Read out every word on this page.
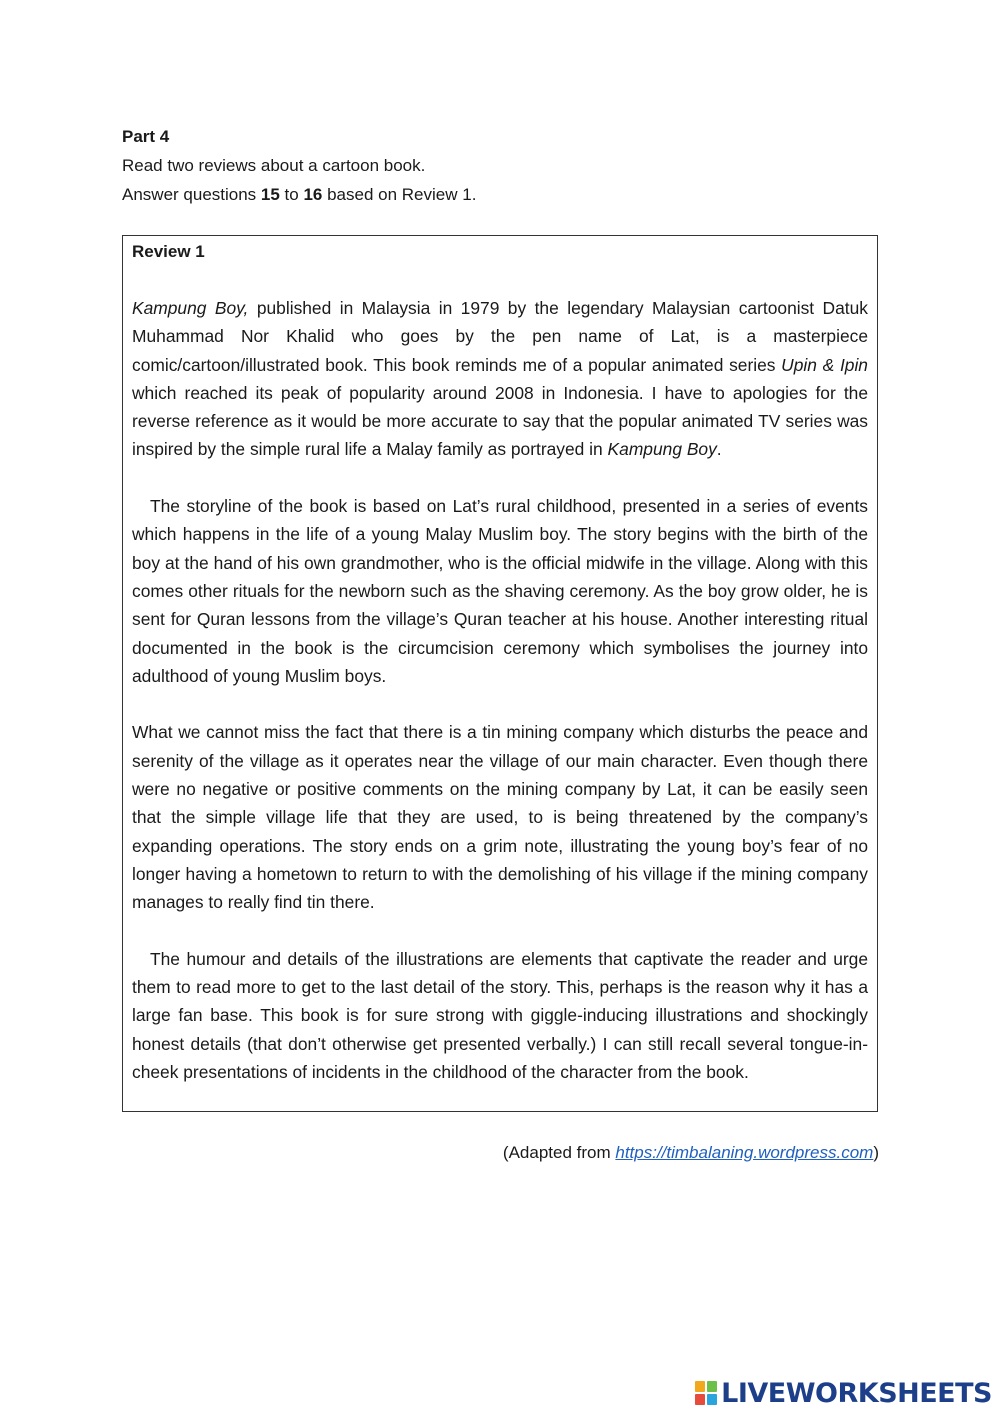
Part 4
Read two reviews about a cartoon book.
Answer questions 15 to 16 based on Review 1.
Review 1

Kampung Boy, published in Malaysia in 1979 by the legendary Malaysian cartoonist Datuk Muhammad Nor Khalid who goes by the pen name of Lat, is a masterpiece comic/cartoon/illustrated book. This book reminds me of a popular animated series Upin & Ipin which reached its peak of popularity around 2008 in Indonesia. I have to apologies for the reverse reference as it would be more accurate to say that the popular animated TV series was inspired by the simple rural life a Malay family as portrayed in Kampung Boy.

The storyline of the book is based on Lat’s rural childhood, presented in a series of events which happens in the life of a young Malay Muslim boy. The story begins with the birth of the boy at the hand of his own grandmother, who is the official midwife in the village. Along with this comes other rituals for the newborn such as the shaving ceremony. As the boy grow older, he is sent for Quran lessons from the village’s Quran teacher at his house. Another interesting ritual documented in the book is the circumcision ceremony which symbolises the journey into adulthood of young Muslim boys.

What we cannot miss the fact that there is a tin mining company which disturbs the peace and serenity of the village as it operates near the village of our main character. Even though there were no negative or positive comments on the mining company by Lat, it can be easily seen that the simple village life that they are used, to is being threatened by the company’s expanding operations. The story ends on a grim note, illustrating the young boy’s fear of no longer having a hometown to return to with the demolishing of his village if the mining company manages to really find tin there.

The humour and details of the illustrations are elements that captivate the reader and urge them to read more to get to the last detail of the story. This, perhaps is the reason why it has a large fan base. This book is for sure strong with giggle-inducing illustrations and shockingly honest details (that don’t otherwise get presented verbally.) I can still recall several tongue-in-cheek presentations of incidents in the childhood of the character from the book.

(Adapted from https://timbalaning.wordpress.com)
LIVEWORKSHEETS
